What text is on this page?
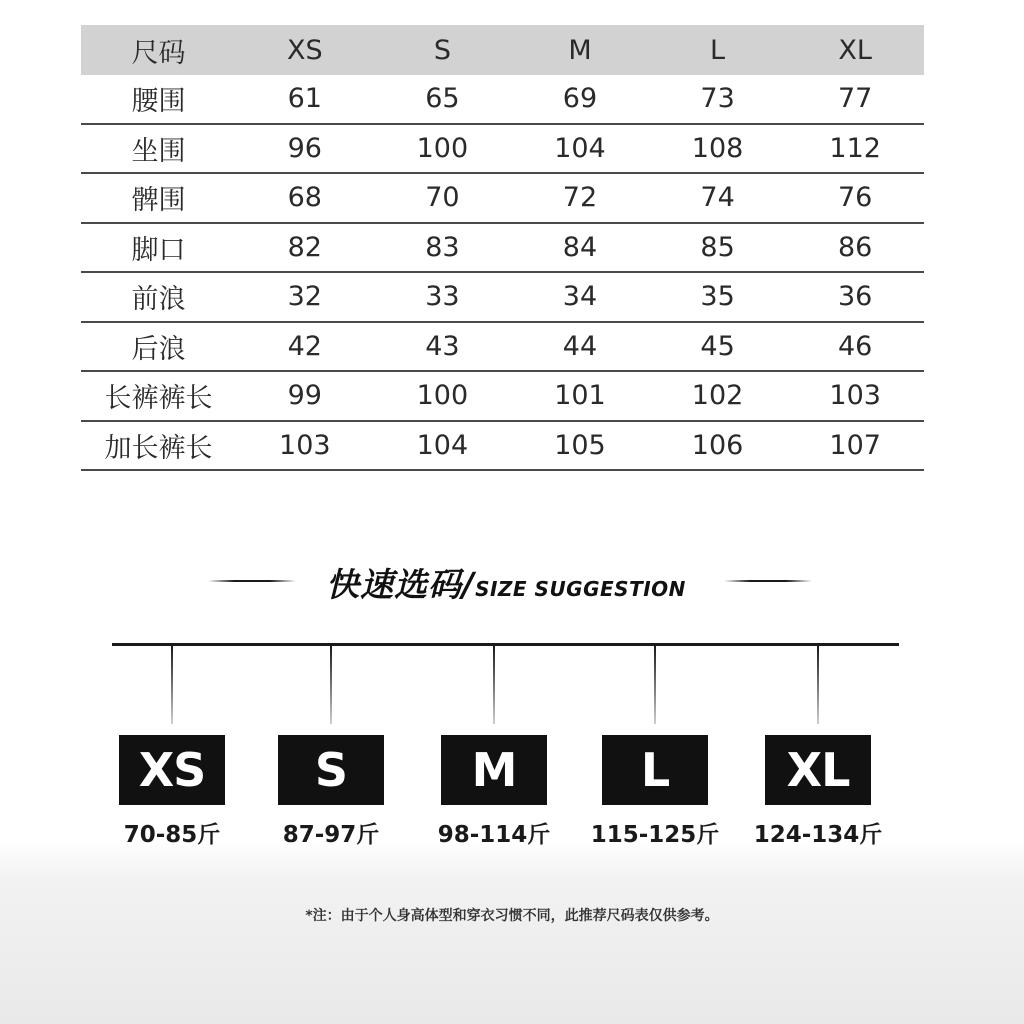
尺码	XS	S	M	L	XL
腰围	61	65	69	73	77
坐围	96	100	104	108	112
髀围	68	70	72	74	76
脚口	82	83	84	85	86
前浪	32	33	34	35	36
后浪	42	43	44	45	46
长裤裤长	99	100	101	102	103
加长裤长	103	104	105	106	107
快速选码/SIZE SUGGESTION
XS
70-85斤
S
87-97斤
M
98-114斤
L
115-125斤
XL
124-134斤
*注：由于个人身高体型和穿衣习惯不同，此推荐尺码表仅供参考。
